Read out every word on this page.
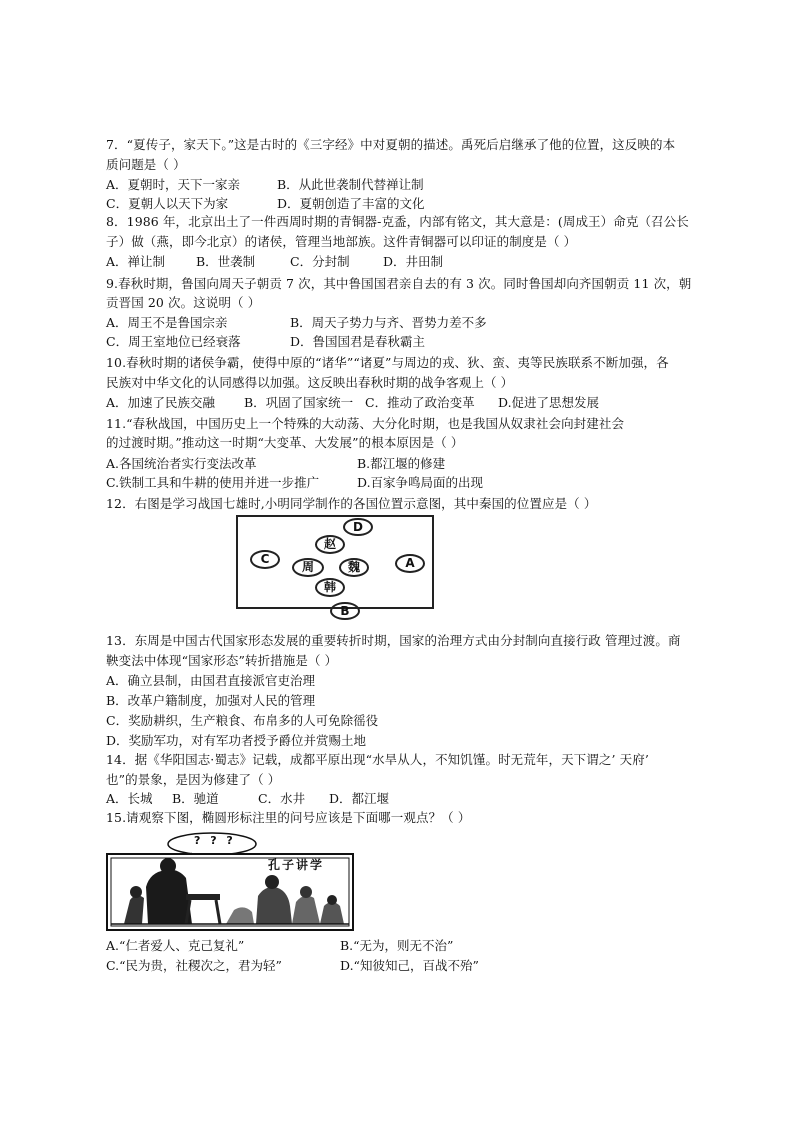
7．“夏传子，家天下。”这是古时的《三字经》中对夏朝的描述。禹死后启继承了他的位置，这反映的本
质问题是（ ）
A．夏朝时，天下一家亲	B．从此世袭制代替禅让制
C．夏朝人以天下为家	D．夏朝创造了丰富的文化
8．1986 年，北京出土了一件西周时期的青铜器-克盉，内部有铭文，其大意是：(周成王）命克（召公长
子）做（燕，即今北京）的诸侯，管理当地部族。这件青铜器可以印证的制度是（ ）
A．禅让制 B．世袭制	C．分封制	D．井田制
9.春秋时期，鲁国向周天子朝贡 7 次，其中鲁国国君亲自去的有 3 次。同时鲁国却向齐国朝贡 11 次，朝
贡晋国 20 次。这说明（ ）
A．周王不是鲁国宗亲	B．周天子势力与齐、晋势力差不多
C．周王室地位已经衰落	D．鲁国国君是春秋霸主
10.春秋时期的诸侯争霸，使得中原的“诸华”“诸夏”与周边的戎、狄、蛮、夷等民族联系不断加强，各
民族对中华文化的认同感得以加强。这反映出春秋时期的战争客观上（ ）
A．加速了民族交融 B．巩固了国家统一 C．推动了政治变革 D.促进了思想发展
11.“春秋战国，中国历史上一个特殊的大动荡、大分化时期，也是我国从奴隶社会向封建社会
的过渡时期。”推动这一时期“大变革、大发展”的根本原因是（ ）
A.各国统治者实行变法改革	B.都江堰的修建
C.铁制工具和牛耕的使用并进一步推广	D.百家争鸣局面的出现
12．右图是学习战国七雄时,小明同学制作的各国位置示意图，其中秦国的位置应是（ ）
D
赵
C
周	魏	A
韩
B
13．东周是中国古代国家形态发展的重要转折时期，国家的治理方式由分封制向直接行政 管理过渡。商
鞅变法中体现“国家形态”转折措施是（ ）
A．确立县制，由国君直接派官吏治理
B．改革户籍制度，加强对人民的管理
C．奖励耕织，生产粮食、布帛多的人可免除徭役
D．奖励军功，对有军功者授予爵位并赏赐土地
14．据《华阳国志·蜀志》记载，成都平原出现“水旱从人，不知饥馑。时无荒年，天下谓之’ 天府’
也”的景象，是因为修建了（ ）
A．长城 B．驰道	C．水井 D．都江堰
15.请观察下图，椭圆形标注里的问号应该是下面哪一观点？（ ）
? ? ?
孔子讲学
A.“仁者爱人、克己复礼”	B.“无为，则无不治”
C.“民为贵，社稷次之，君为轻”	D.“知彼知己，百战不殆”
